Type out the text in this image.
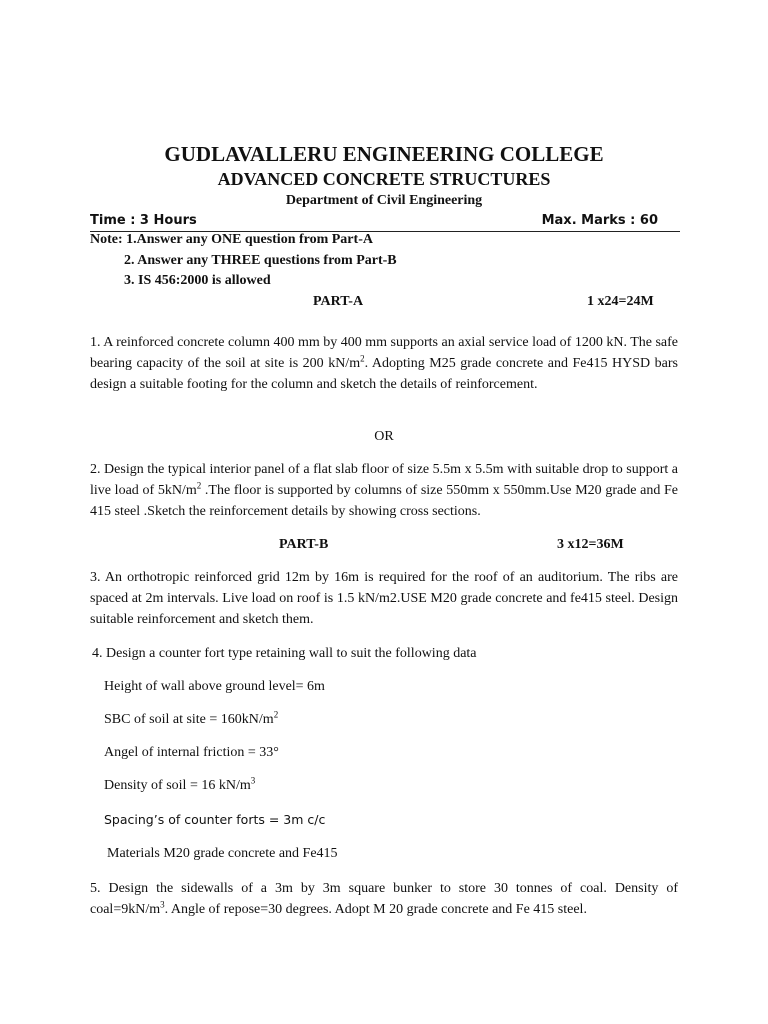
GUDLAVALLERU ENGINEERING COLLEGE
ADVANCED CONCRETE STRUCTURES
Department of Civil Engineering
Time : 3 Hours	Max. Marks : 60
Note: 1.Answer any ONE question from Part-A
2. Answer any THREE questions from Part-B
3. IS 456:2000 is allowed
PART-A	1 x24=24M
1. A reinforced concrete column 400 mm by 400 mm supports an axial service load of 1200 kN. The safe bearing capacity of the soil at site is 200 $kN/m^2$. Adopting M25 grade concrete and Fe415 HYSD bars design a suitable footing for the column and sketch the details of reinforcement.
OR
2. Design the typical interior panel of a flat slab floor of size 5.5m x 5.5m with suitable drop to support a live load of $5kN/m^2$ .The floor is supported by columns of size 550mm x 550mm.Use M20 grade and Fe 415 steel .Sketch the reinforcement details by showing cross sections.
PART-B	3 x12=36M
3. An orthotropic reinforced grid 12m by 16m is required for the roof of an auditorium. The ribs are spaced at 2m intervals. Live load on roof is 1.5 kN/m2.USE M20 grade concrete and fe415 steel. Design suitable reinforcement and sketch them.
4. Design a counter fort type retaining wall to suit the following data
Height of wall above ground level= 6m
SBC of soil at site = $160kN/m^2$
Angel of internal friction = 33°
Density of soil = 16 $kN/m^3$
Spacing’s of counter forts = 3m c/c
Materials M20 grade concrete and Fe415
5. Design the sidewalls of a 3m by 3m square bunker to store 30 tonnes of coal. Density of $coal=9kN/m^3$. Angle of repose=30 degrees. Adopt M 20 grade concrete and Fe 415 steel.
